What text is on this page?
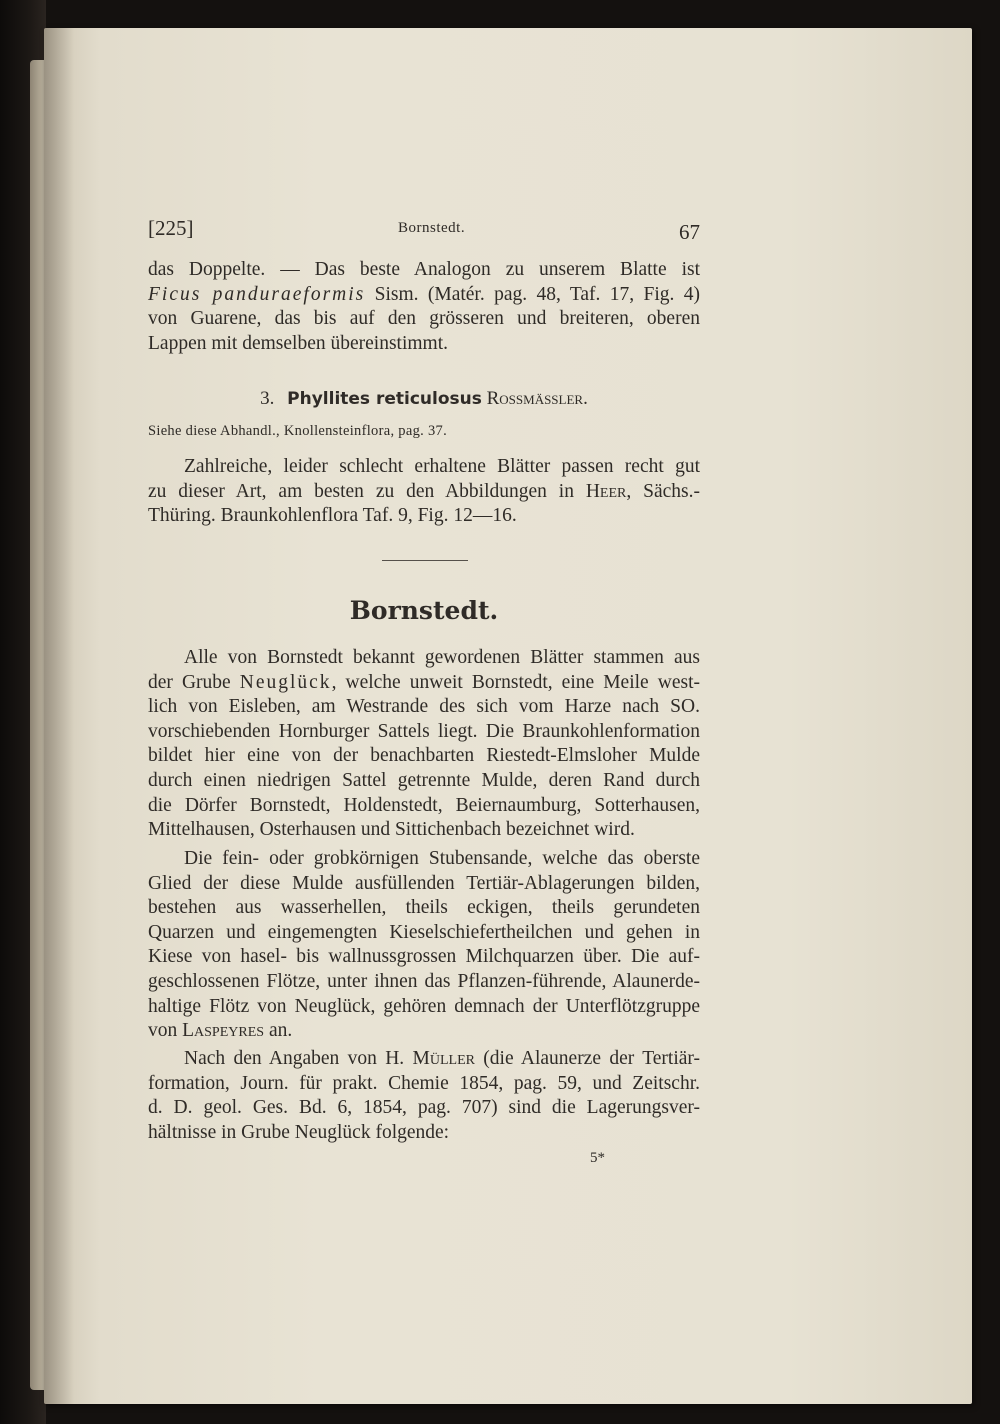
[225]	Bornstedt.	67
das Doppelte. — Das beste Analogon zu unserem Blatte ist
Ficus panduraeformis Sism. (Matér. pag. 48, Taf. 17, Fig. 4)
von Guarene, das bis auf den grösseren und breiteren, oberen
Lappen mit demselben übereinstimmt.
3. Phyllites reticulosus Rossmässler.
Siehe diese Abhandl., Knollensteinflora, pag. 37.
Zahlreiche, leider schlecht erhaltene Blätter passen recht gut
zu dieser Art, am besten zu den Abbildungen in Heer, Sächs.-
Thüring. Braunkohlenflora Taf. 9, Fig. 12—16.
Bornstedt.
Alle von Bornstedt bekannt gewordenen Blätter stammen aus
der Grube Neuglück, welche unweit Bornstedt, eine Meile west-
lich von Eisleben, am Westrande des sich vom Harze nach SO.
vorschiebenden Hornburger Sattels liegt. Die Braunkohlenformation
bildet hier eine von der benachbarten Riestedt-Elmsloher Mulde
durch einen niedrigen Sattel getrennte Mulde, deren Rand durch
die Dörfer Bornstedt, Holdenstedt, Beiernaumburg, Sotterhausen,
Mittelhausen, Osterhausen und Sittichenbach bezeichnet wird.
Die fein- oder grobkörnigen Stubensande, welche das oberste
Glied der diese Mulde ausfüllenden Tertiär-Ablagerungen bilden,
bestehen aus wasserhellen, theils eckigen, theils gerundeten
Quarzen und eingemengten Kieselschiefertheilchen und gehen in
Kiese von hasel- bis wallnussgrossen Milchquarzen über. Die auf-
geschlossenen Flötze, unter ihnen das Pflanzen-führende, Alaunerde-
haltige Flötz von Neuglück, gehören demnach der Unterflötzgruppe
von Laspeyres an.
Nach den Angaben von H. Müller (die Alaunerze der Tertiär-
formation, Journ. für prakt. Chemie 1854, pag. 59, und Zeitschr.
d. D. geol. Ges. Bd. 6, 1854, pag. 707) sind die Lagerungsver-
hältnisse in Grube Neuglück folgende:
5*
